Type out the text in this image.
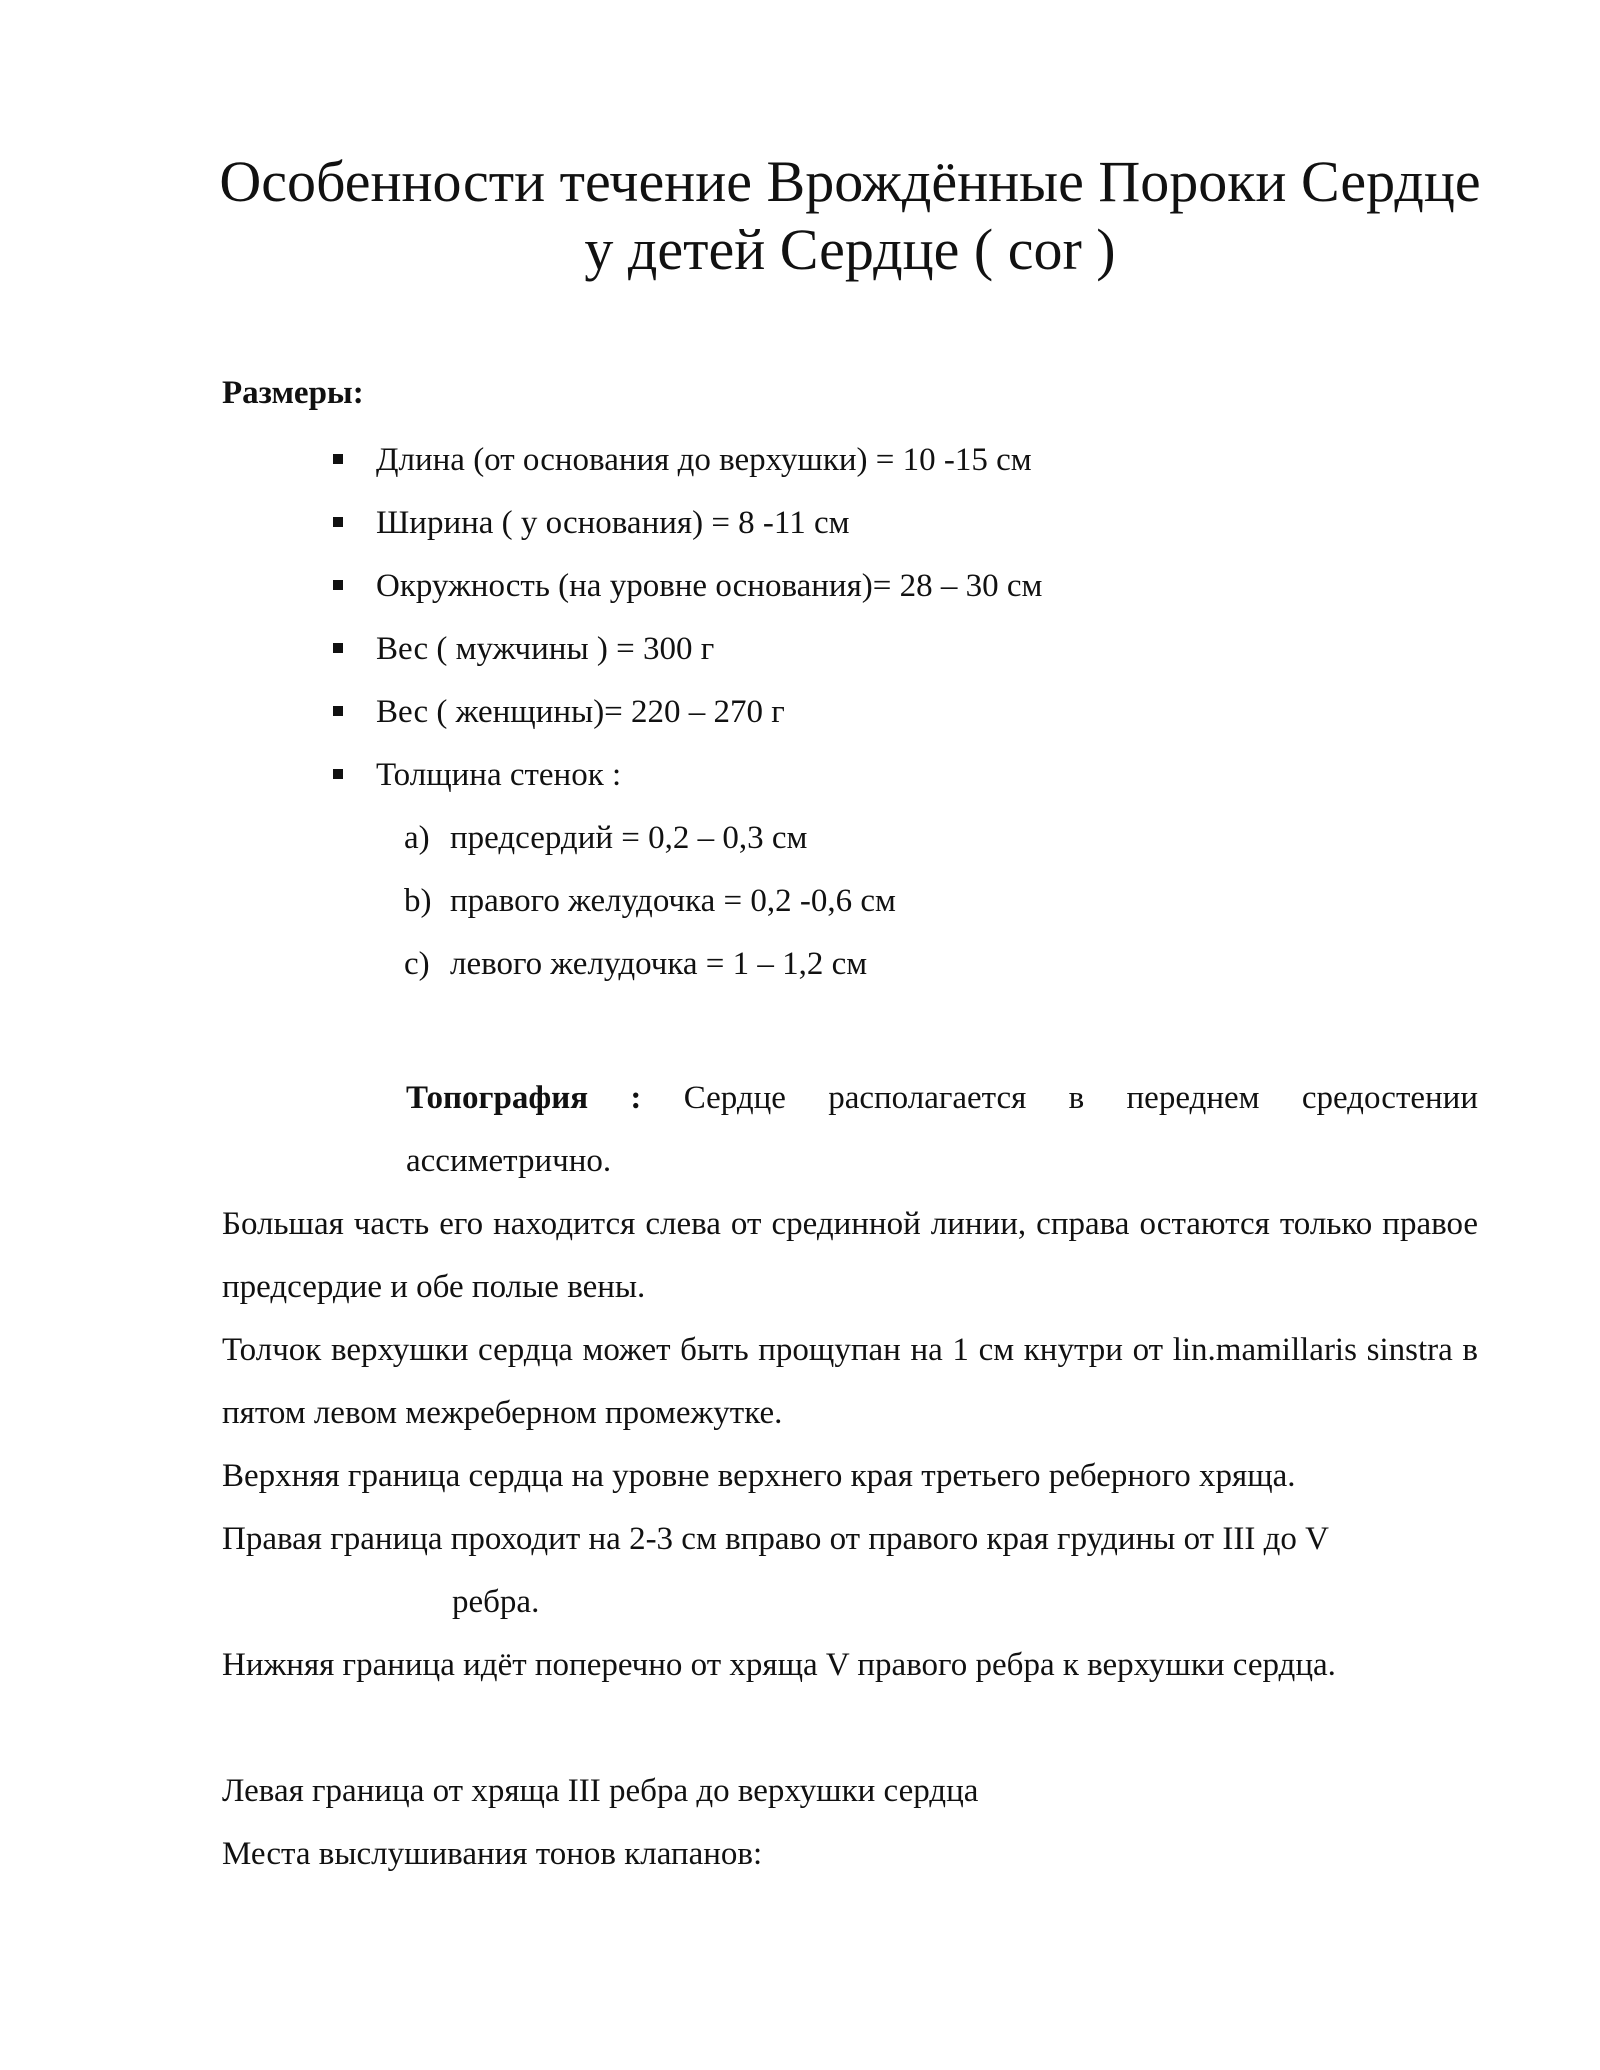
Особенности течение Врождённые Пороки Сердце
у детей Сердце ( cor )
Размеры:
Длина (от основания до верхушки) = 10 -15 см
Ширина ( у основания) = 8 -11 см
Окружность (на уровне основания)= 28 – 30 см
Вес ( мужчины ) = 300 г
Вес ( женщины)= 220 – 270 г
Толщина стенок :
a) предсердий = 0,2 – 0,3 см
b) правого желудочка = 0,2 -0,6 см
c) левого желудочка = 1 – 1,2 см
Топография : Сердце располагается в переднем средостении ассиметрично.
Большая часть его находится слева от срединной линии, справа остаются только правое предсердие и обе полые вены.
Толчок верхушки сердца может быть прощупан на 1 см кнутри от lin.mamillaris sinstra в пятом левом межреберном промежутке.
Верхняя граница сердца на уровне верхнего края третьего реберного хряща.
Правая граница проходит на 2-3 см вправо от правого края грудины от III до V
ребра.
Нижняя граница идёт поперечно от хряща V правого ребра к верхушки сердца.
Левая граница от хряща III ребра до верхушки сердца
Места выслушивания тонов клапанов:
